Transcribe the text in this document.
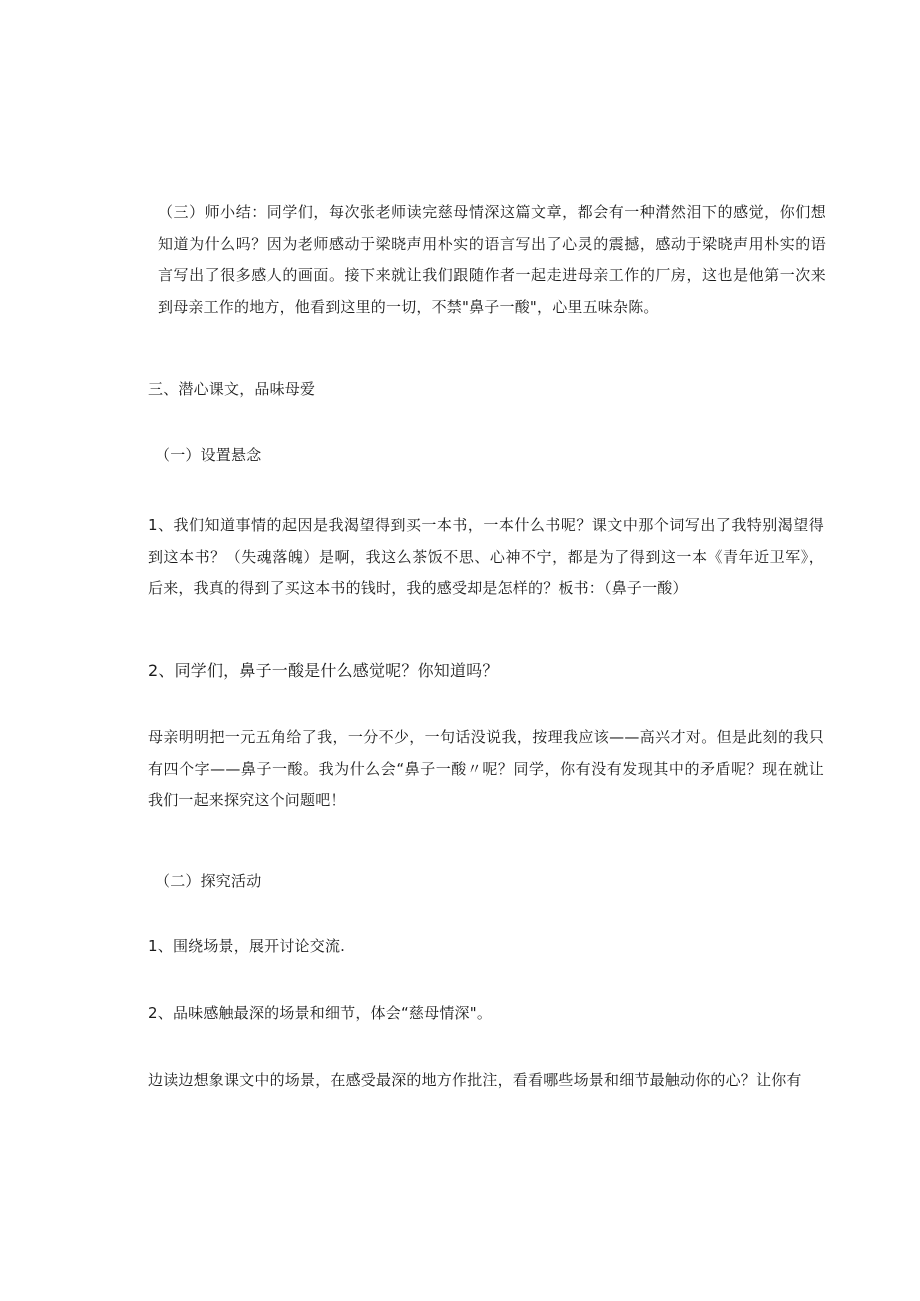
（三）师小结：同学们，每次张老师读完慈母情深这篇文章，都会有一种潸然泪下的感觉，你们想知道为什么吗？因为老师感动于梁晓声用朴实的语言写出了心灵的震撼，感动于梁晓声用朴实的语言写出了很多感人的画面。接下来就让我们跟随作者一起走进母亲工作的厂房，这也是他第一次来到母亲工作的地方，他看到这里的一切，不禁"鼻子一酸"，心里五味杂陈。

三、潜心课文，品味母爱

（一）设置悬念

1、我们知道事情的起因是我渴望得到买一本书，一本什么书呢？课文中那个词写出了我特别渴望得到这本书？（失魂落魄）是啊，我这么茶饭不思、心神不宁，都是为了得到这一本《青年近卫军》，后来，我真的得到了买这本书的钱时，我的感受却是怎样的？板书：（鼻子一酸）

2、同学们，鼻子一酸是什么感觉呢？你知道吗？

母亲明明把一元五角给了我，一分不少，一句话没说我，按理我应该——高兴才对。但是此刻的我只有四个字——鼻子一酸。我为什么会“鼻子一酸〃呢？同学，你有没有发现其中的矛盾呢？现在就让我们一起来探究这个问题吧！

（二）探究活动

1、围绕场景，展开讨论交流.

2、品味感触最深的场景和细节，体会“慈母情深"。

边读边想象课文中的场景，在感受最深的地方作批注，看看哪些场景和细节最触动你的心？让你有
